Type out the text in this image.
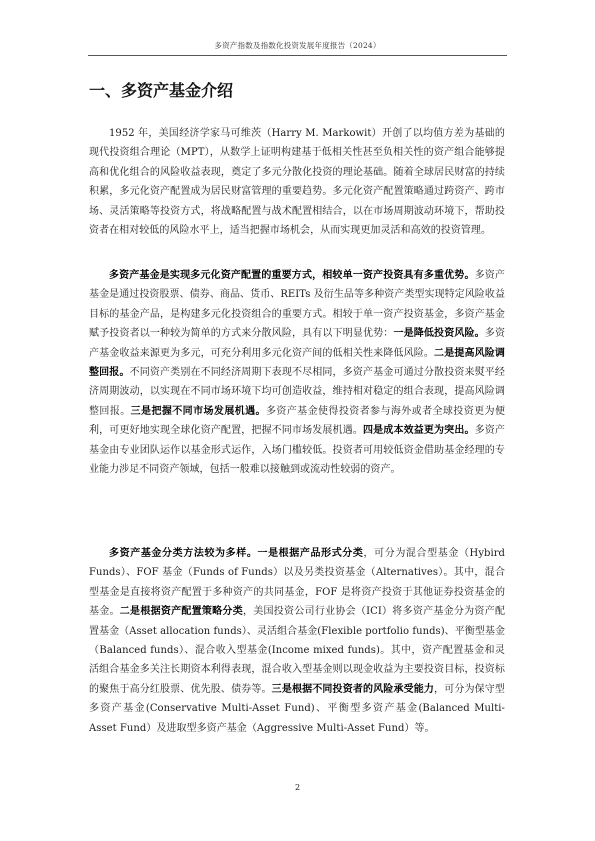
多资产指数及指数化投资发展年度报告（2024）
一、多资产基金介绍

1952 年，美国经济学家马可维茨（Harry M. Markowit）开创了以均值方差为基础的现代投资组合理论（MPT），从数学上证明构建基于低相关性甚至负相关性的资产组合能够提高和优化组合的风险收益表现，奠定了多元分散化投资的理论基础。随着全球居民财富的持续积累，多元化资产配置成为居民财富管理的重要趋势。多元化资产配置策略通过跨资产、跨市场、灵活策略等投资方式，将战略配置与战术配置相结合，以在市场周期波动环境下，帮助投资者在相对较低的风险水平上，适当把握市场机会，从而实现更加灵活和高效的投资管理。

多资产基金是实现多元化资产配置的重要方式，相较单一资产投资具有多重优势。多资产基金是通过投资股票、债券、商品、货币、REITs 及衍生品等多种资产类型实现特定风险收益目标的基金产品，是构建多元化投资组合的重要方式。相较于单一资产投资基金，多资产基金赋予投资者以一种较为简单的方式来分散风险，具有以下明显优势：一是降低投资风险。多资产基金收益来源更为多元，可充分利用多元化资产间的低相关性来降低风险。二是提高风险调整回报。不同资产类别在不同经济周期下表现不尽相同，多资产基金可通过分散投资来熨平经济周期波动，以实现在不同市场环境下均可创造收益，维持相对稳定的组合表现，提高风险调整回报。三是把握不同市场发展机遇。多资产基金使得投资者参与海外或者全球投资更为便利，可更好地实现全球化资产配置，把握不同市场发展机遇。四是成本效益更为突出。多资产基金由专业团队运作以基金形式运作，入场门槛较低。投资者可用较低资金借助基金经理的专业能力涉足不同资产领域，包括一般难以接触到或流动性较弱的资产。

多资产基金分类方法较为多样。一是根据产品形式分类，可分为混合型基金（Hybird Funds）、FOF 基金（Funds of Funds）以及另类投资基金（Alternatives）。其中，混合型基金是直接将资产配置于多种资产的共同基金，FOF 是将资产投资于其他证券投资基金的基金。二是根据资产配置策略分类，美国投资公司行业协会（ICI）将多资产基金分为资产配置基金（Asset allocation funds）、灵活组合基金(Flexible portfolio funds)、平衡型基金（Balanced funds）、混合收入型基金(Income mixed funds)。其中，资产配置基金和灵活组合基金多关注长期资本利得表现，混合收入型基金则以现金收益为主要投资目标，投资标的聚焦于高分红股票、优先股、债券等。三是根据不同投资者的风险承受能力，可分为保守型多资产基金(Conservative Multi-Asset Fund)、平衡型多资产基金(Balanced Multi-Asset Fund）及进取型多资产基金（Aggressive Multi-Asset Fund）等。

2
